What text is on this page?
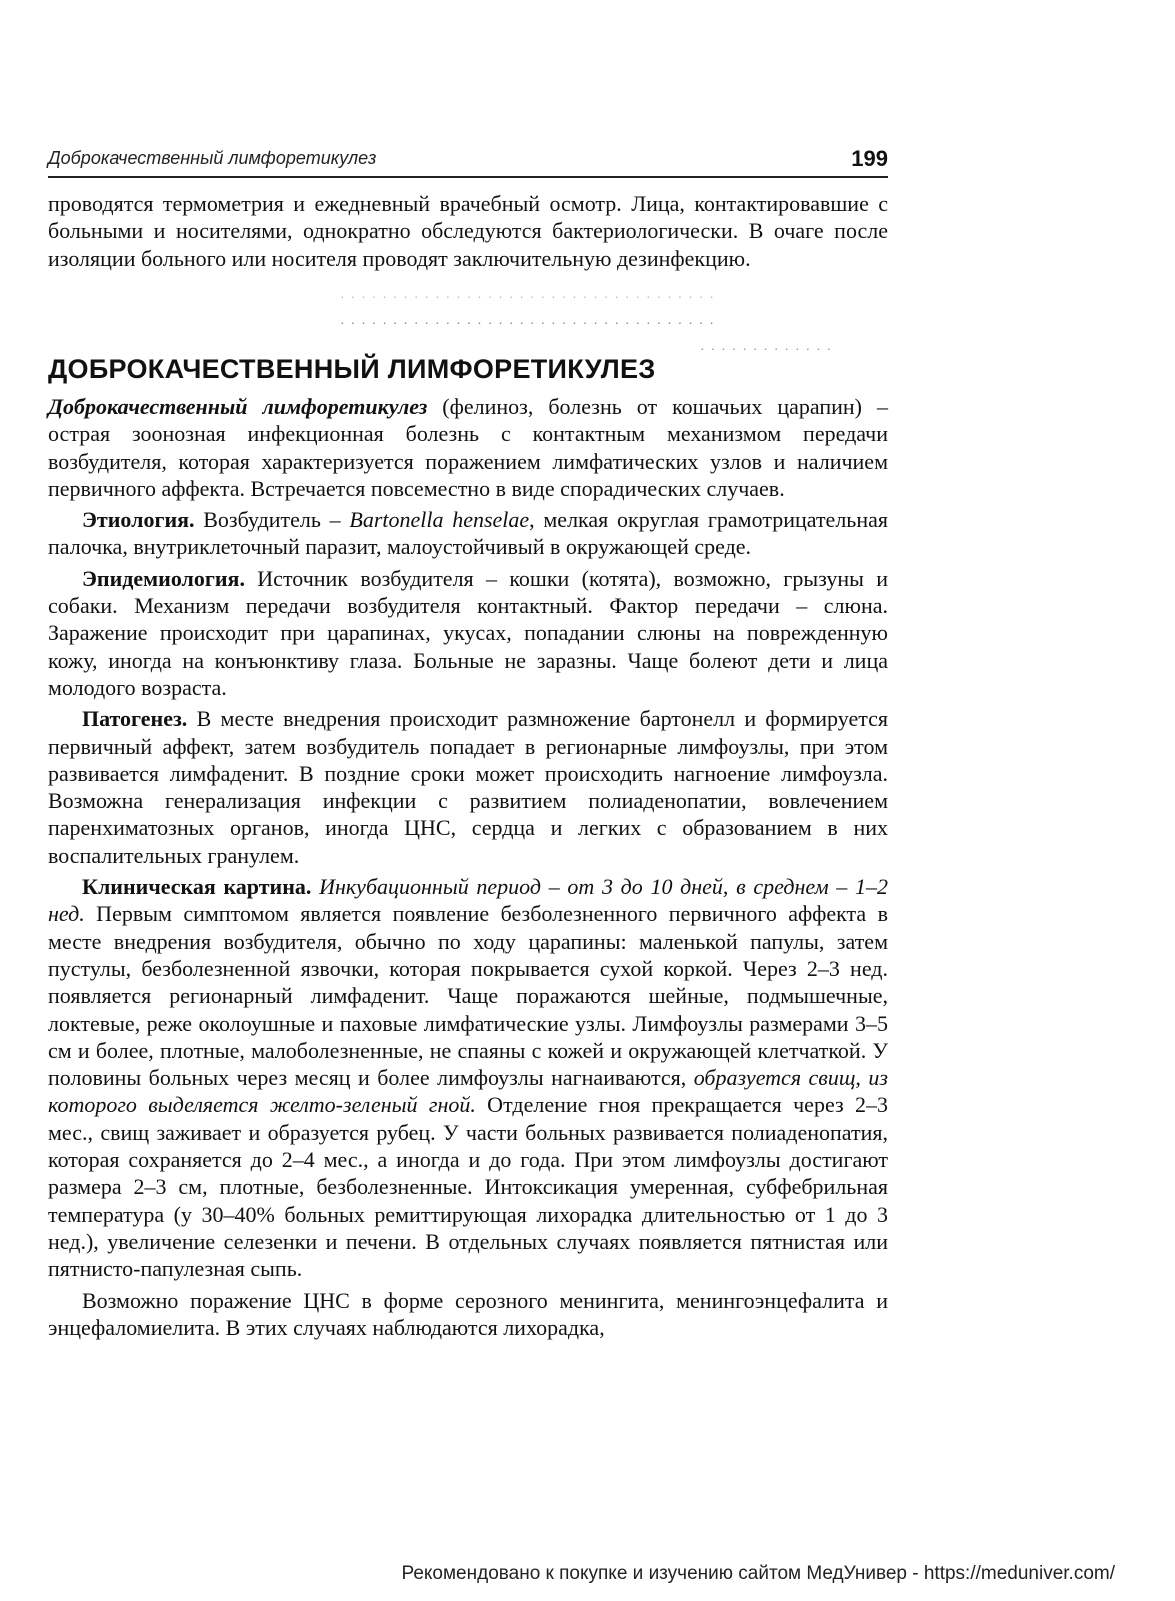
Доброкачественный лимфоретикулез	199

проводятся термометрия и ежедневный врачебный осмотр. Лица, контактировавшие с больными и носителями, однократно обследуются бактериологически. В очаге после изоляции больного или носителя проводят заключительную дезинфекцию.

· · · · · · · · · · · · · · · · · · · · · · · · · · · · · · · · · · · ·
· · · · · · · · · · · · · · · · · · · · · · · · · · · · · · · · · · · ·
· · · · · · · · · · · · ·
ДОБРОКАЧЕСТВЕННЫЙ ЛИМФОРЕТИКУЛЕЗ

Доброкачественный лимфоретикулез (фелиноз, болезнь от кошачьих царапин) – острая зоонозная инфекционная болезнь с контактным механизмом передачи возбудителя, которая характеризуется поражением лимфатических узлов и наличием первичного аффекта. Встречается повсеместно в виде спорадических случаев.

Этиология. Возбудитель – Bartonella henselae, мелкая округлая грамотрицательная палочка, внутриклеточный паразит, малоустойчивый в окружающей среде.

Эпидемиология. Источник возбудителя – кошки (котята), возможно, грызуны и собаки. Механизм передачи возбудителя контактный. Фактор передачи – слюна. Заражение происходит при царапинах, укусах, попадании слюны на поврежденную кожу, иногда на конъюнктиву глаза. Больные не заразны. Чаще болеют дети и лица молодого возраста.

Патогенез. В месте внедрения происходит размножение бартонелл и формируется первичный аффект, затем возбудитель попадает в регионарные лимфоузлы, при этом развивается лимфаденит. В поздние сроки может происходить нагноение лимфоузла. Возможна генерализация инфекции с развитием полиаденопатии, вовлечением паренхиматозных органов, иногда ЦНС, сердца и легких с образованием в них воспалительных гранулем.

Клиническая картина. Инкубационный период – от 3 до 10 дней, в среднем – 1–2 нед. Первым симптомом является появление безболезненного первичного аффекта в месте внедрения возбудителя, обычно по ходу царапины: маленькой папулы, затем пустулы, безболезненной язвочки, которая покрывается сухой коркой. Через 2–3 нед. появляется регионарный лимфаденит. Чаще поражаются шейные, подмышечные, локтевые, реже околоушные и паховые лимфатические узлы. Лимфоузлы размерами 3–5 см и более, плотные, малоболезненные, не спаяны с кожей и окружающей клетчаткой. У половины больных через месяц и более лимфоузлы нагнаиваются, образуется свищ, из которого выделяется желто-зеленый гной. Отделение гноя прекращается через 2–3 мес., свищ заживает и образуется рубец. У части больных развивается полиаденопатия, которая сохраняется до 2–4 мес., а иногда и до года. При этом лимфоузлы достигают размера 2–3 см, плотные, безболезненные. Интоксикация умеренная, субфебрильная температура (у 30–40% больных ремиттирующая лихорадка длительностью от 1 до 3 нед.), увеличение селезенки и печени. В отдельных случаях появляется пятнистая или пятнисто-папулезная сыпь.

Возможно поражение ЦНС в форме серозного менингита, менингоэнцефалита и энцефаломиелита. В этих случаях наблюдаются лихорадка,

Рекомендовано к покупке и изучению сайтом МедУнивер - https://meduniver.com/
